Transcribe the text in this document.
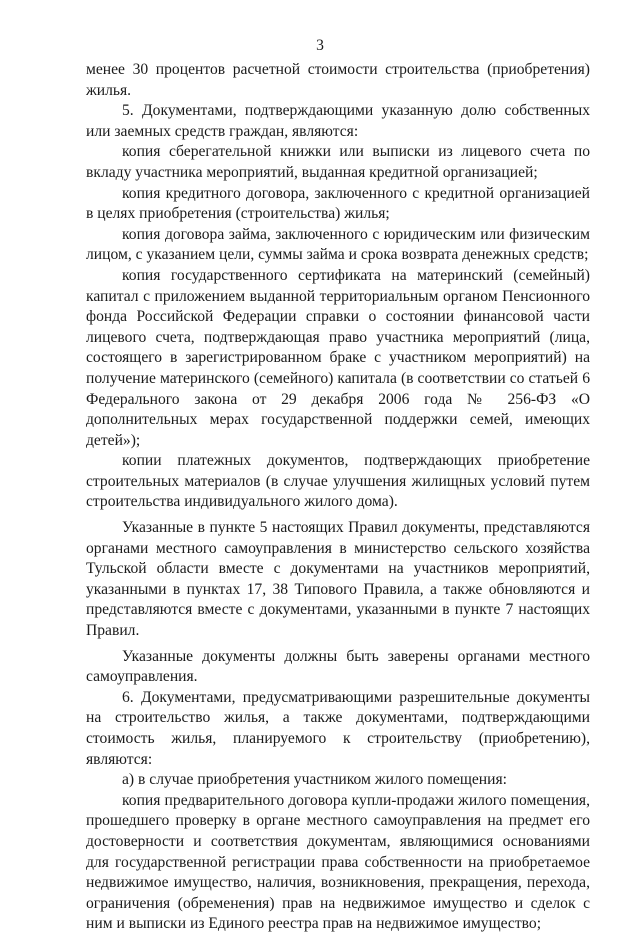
3

менее 30 процентов расчетной стоимости строительства (приобретения) жилья.

5. Документами, подтверждающими указанную долю собственных или заемных средств граждан, являются:

копия сберегательной книжки или выписки из лицевого счета по вкладу участника мероприятий, выданная кредитной организацией;

копия кредитного договора, заключенного с кредитной организацией в целях приобретения (строительства) жилья;

копия договора займа, заключенного с юридическим или физическим лицом, с указанием цели, суммы займа и срока возврата денежных средств;

копия государственного сертификата на материнский (семейный) капитал с приложением выданной территориальным органом Пенсионного фонда Российской Федерации справки о состоянии финансовой части лицевого счета, подтверждающая право участника мероприятий (лица, состоящего в зарегистрированном браке с участником мероприятий) на получение материнского (семейного) капитала (в соответствии со статьей 6 Федерального закона от 29 декабря 2006 года № 256-ФЗ «О дополнительных мерах государственной поддержки семей, имеющих детей»);

копии платежных документов, подтверждающих приобретение строительных материалов (в случае улучшения жилищных условий путем строительства индивидуального жилого дома).

Указанные в пункте 5 настоящих Правил документы, представляются органами местного самоуправления в министерство сельского хозяйства Тульской области вместе с документами на участников мероприятий, указанными в пунктах 17, 38 Типового Правила, а также обновляются и представляются вместе с документами, указанными в пункте 7 настоящих Правил.

Указанные документы должны быть заверены органами местного самоуправления.

6. Документами, предусматривающими разрешительные документы на строительство жилья, а также документами, подтверждающими стоимость жилья, планируемого к строительству (приобретению), являются:

а) в случае приобретения участником жилого помещения:

копия предварительного договора купли-продажи жилого помещения, прошедшего проверку в органе местного самоуправления на предмет его достоверности и соответствия документам, являющимися основаниями для государственной регистрации права собственности на приобретаемое недвижимое имущество, наличия, возникновения, прекращения, перехода, ограничения (обременения) прав на недвижимое имущество и сделок с ним и выписки из Единого реестра прав на недвижимое имущество;
